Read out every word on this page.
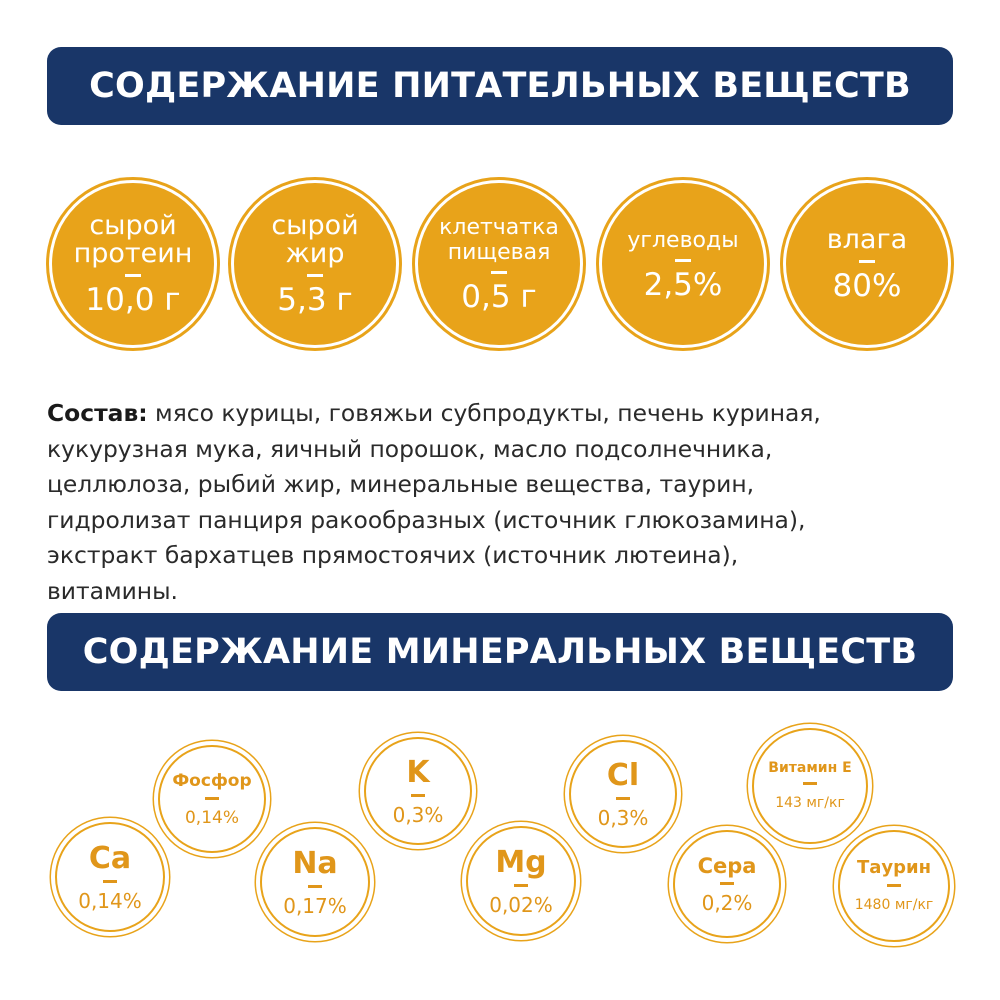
СОДЕРЖАНИЕ ПИТАТЕЛЬНЫХ ВЕЩЕСТВ
сырой
протеин
10,0 г
сырой
жир
5,3 г
клетчатка
пищевая
0,5 г
углеводы
2,5%
влага
80%
Состав: мясо курицы, говяжьи субпродукты, печень куриная,
кукурузная мука, яичный порошок, масло подсолнечника,
целлюлоза, рыбий жир, минеральные вещества, таурин,
гидролизат панциря ракообразных (источник глюкозамина),
экстракт бархатцев прямостоячих (источник лютеина),
витамины.
СОДЕРЖАНИЕ МИНЕРАЛЬНЫХ ВЕЩЕСТВ
Ca
0,14%
Фосфор
0,14%
Na
0,17%
K
0,3%
Mg
0,02%
Cl
0,3%
Сера
0,2%
Витамин Е
143 мг/кг
Таурин
1480 мг/кг
